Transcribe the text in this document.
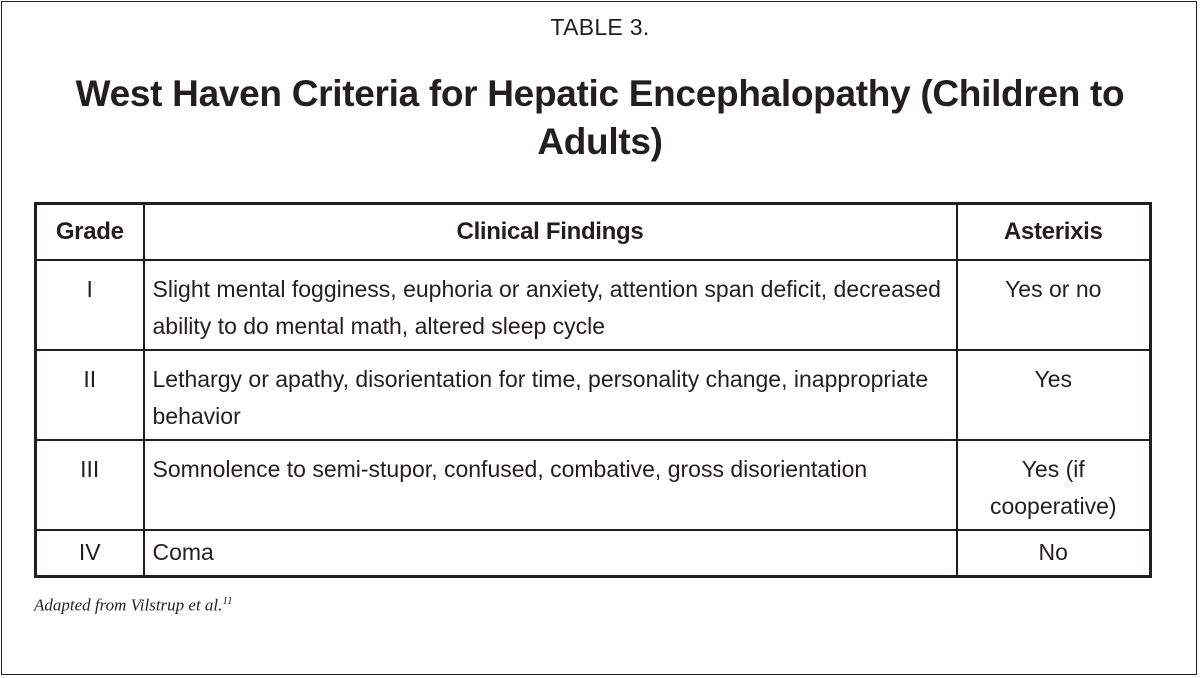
TABLE 3.
West Haven Criteria for Hepatic Encephalopathy (Children to Adults)
Grade	Clinical Findings	Asterixis
I	Slight mental fogginess, euphoria or anxiety, attention span deficit, decreased ability to do mental math, altered sleep cycle	Yes or no
II	Lethargy or apathy, disorientation for time, personality change, inappropriate behavior	Yes
III	Somnolence to semi-stupor, confused, combative, gross disorientation	Yes (if cooperative)
IV	Coma	No
Adapted from Vilstrup et al.$^{11}$
